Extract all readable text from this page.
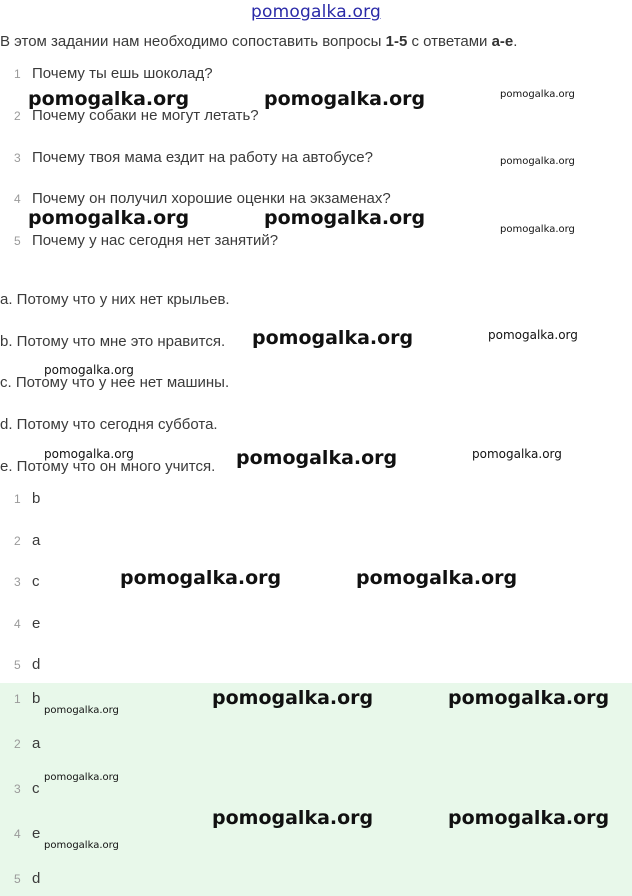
pomogalka.org
В этом задании нам необходимо сопоставить вопросы 1-5 с ответами a-e.
1 Почему ты ешь шоколад?
2 Почему собаки не могут летать?
3 Почему твоя мама ездит на работу на автобусе?
4 Почему он получил хорошие оценки на экзаменах?
5 Почему у нас сегодня нет занятий?
a. Потому что у них нет крыльев.
b. Потому что мне это нравится.
c. Потому что у нее нет машины.
d. Потому что сегодня суббота.
e. Потому что он много учится.
1 b
2 a
3 c
4 e
5 d
1 b
2 a
3 c
4 e
5 d
pomogalka.org	pomogalka.org	pomogalka.org
pomogalka.org
pomogalka.org	pomogalka.org
pomogalka.org
pomogalka.org	pomogalka.org
pomogalka.org
pomogalka.org	pomogalka.org	pomogalka.org
pomogalka.org	pomogalka.org
pomogalka.org
pomogalka.org	pomogalka.org
pomogalka.org
pomogalka.org	pomogalka.org
pomogalka.org
